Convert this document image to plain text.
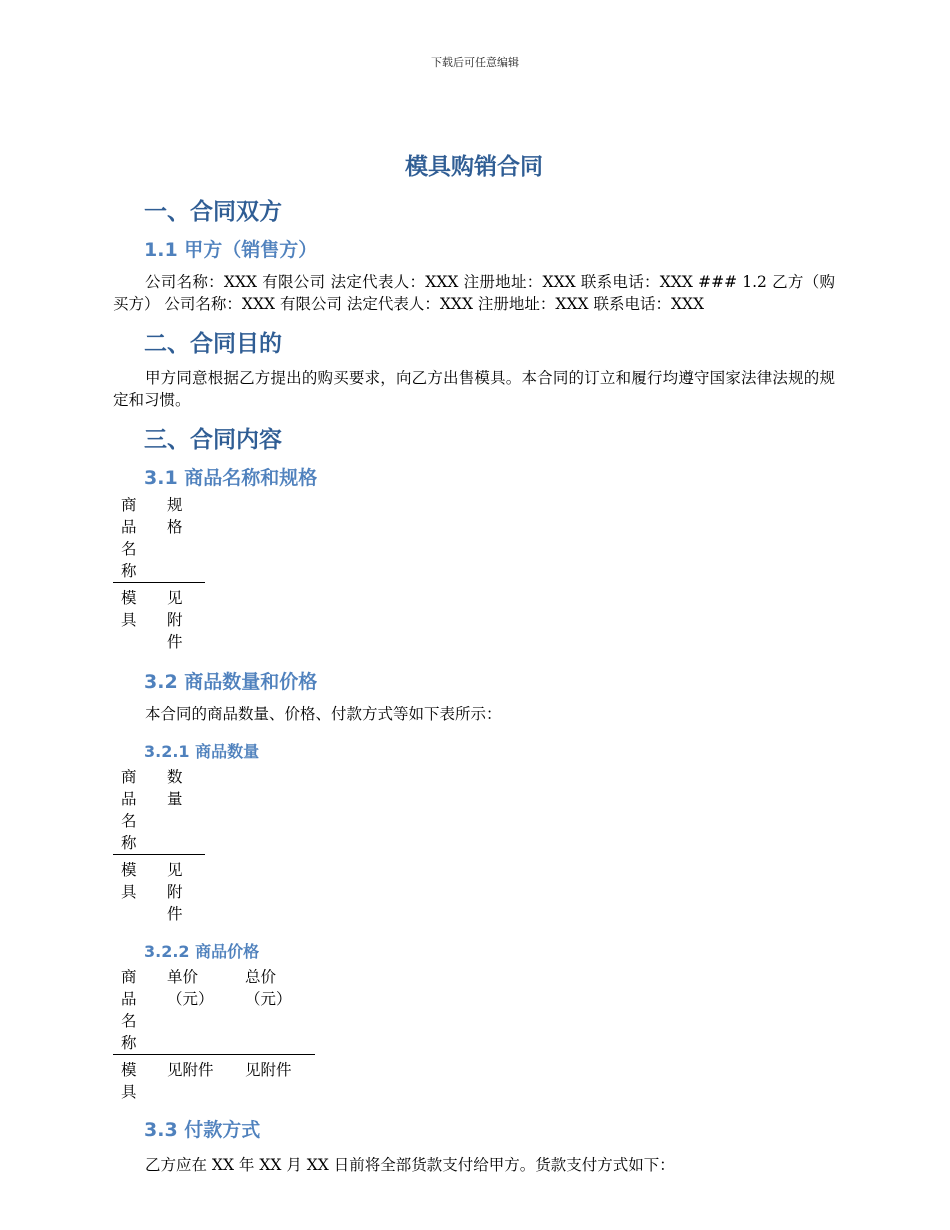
下载后可任意编辑
模具购销合同
一、合同双方
1.1 甲方（销售方）

公司名称：XXX 有限公司 法定代表人：XXX 注册地址：XXX 联系电话：XXX ### 1.2 乙方（购买方） 公司名称：XXX 有限公司 法定代表人：XXX 注册地址：XXX 联系电话：XXX

二、合同目的

甲方同意根据乙方提出的购买要求，向乙方出售模具。本合同的订立和履行均遵守国家法律法规的规定和习惯。

三、合同内容
3.1 商品名称和规格
商品名称	规格
模具	见附件
3.2 商品数量和价格

本合同的商品数量、价格、付款方式等如下表所示：

3.2.1 商品数量
商品名称	数量
模具	见附件
3.2.2 商品价格
商品名称	单价（元）	总价（元）
模具	见附件	见附件
3.3 付款方式

乙方应在 XX 年 XX 月 XX 日前将全部货款支付给甲方。货款支付方式如下：
